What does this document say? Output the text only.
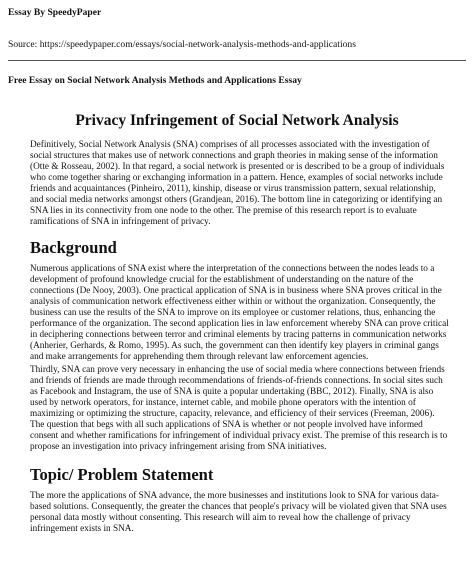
Essay By SpeedyPaper

Source: https://speedypaper.com/essays/social-network-analysis-methods-and-applications

Free Essay on Social Network Analysis Methods and Applications Essay

Privacy Infringement of Social Network Analysis

Definitively, Social Network Analysis (SNA) comprises of all processes associated with the investigation of social structures that makes use of network connections and graph theories in making sense of the information (Otte & Rosseau, 2002). In that regard, a social network is presented or is described to be a group of individuals who come together sharing or exchanging information in a pattern. Hence, examples of social networks include friends and acquaintances (Pinheiro, 2011), kinship, disease or virus transmission pattern, sexual relationship, and social media networks amongst others (Grandjean, 2016). The bottom line in categorizing or identifying an SNA lies in its connectivity from one node to the other. The premise of this research report is to evaluate ramifications of SNA in infringement of privacy.

Background

Numerous applications of SNA exist where the interpretation of the connections between the nodes leads to a development of profound knowledge crucial for the establishment of understanding on the nature of the connections (De Nooy, 2003). One practical application of SNA is in business where SNA proves critical in the analysis of communication network effectiveness either within or without the organization. Consequently, the business can use the results of the SNA to improve on its employee or customer relations, thus, enhancing the performance of the organization. The second application lies in law enforcement whereby SNA can prove critical in deciphering connections between terror and criminal elements by tracing patterns in communication networks (Anherier, Gerhards, & Romo, 1995). As such, the government can then identify key players in criminal gangs and make arrangements for apprehending them through relevant law enforcement agencies.

Thirdly, SNA can prove very necessary in enhancing the use of social media where connections between friends and friends of friends are made through recommendations of friends-of-friends connections. In social sites such as Facebook and Instagram, the use of SNA is quite a popular undertaking (BBC, 2012). Finally, SNA is also used by network operators, for instance, internet cable, and mobile phone operators with the intention of maximizing or optimizing the structure, capacity, relevance, and efficiency of their services (Freeman, 2006). The question that begs with all such applications of SNA is whether or not people involved have informed consent and whether ramifications for infringement of individual privacy exist. The premise of this research is to propose an investigation into privacy infringement arising from SNA initiatives.

Topic/ Problem Statement

The more the applications of SNA advance, the more businesses and institutions look to SNA for various data-based solutions. Consequently, the greater the chances that people's privacy will be violated given that SNA uses personal data mostly without consenting. This research will aim to reveal how the challenge of privacy infringement exists in SNA.
